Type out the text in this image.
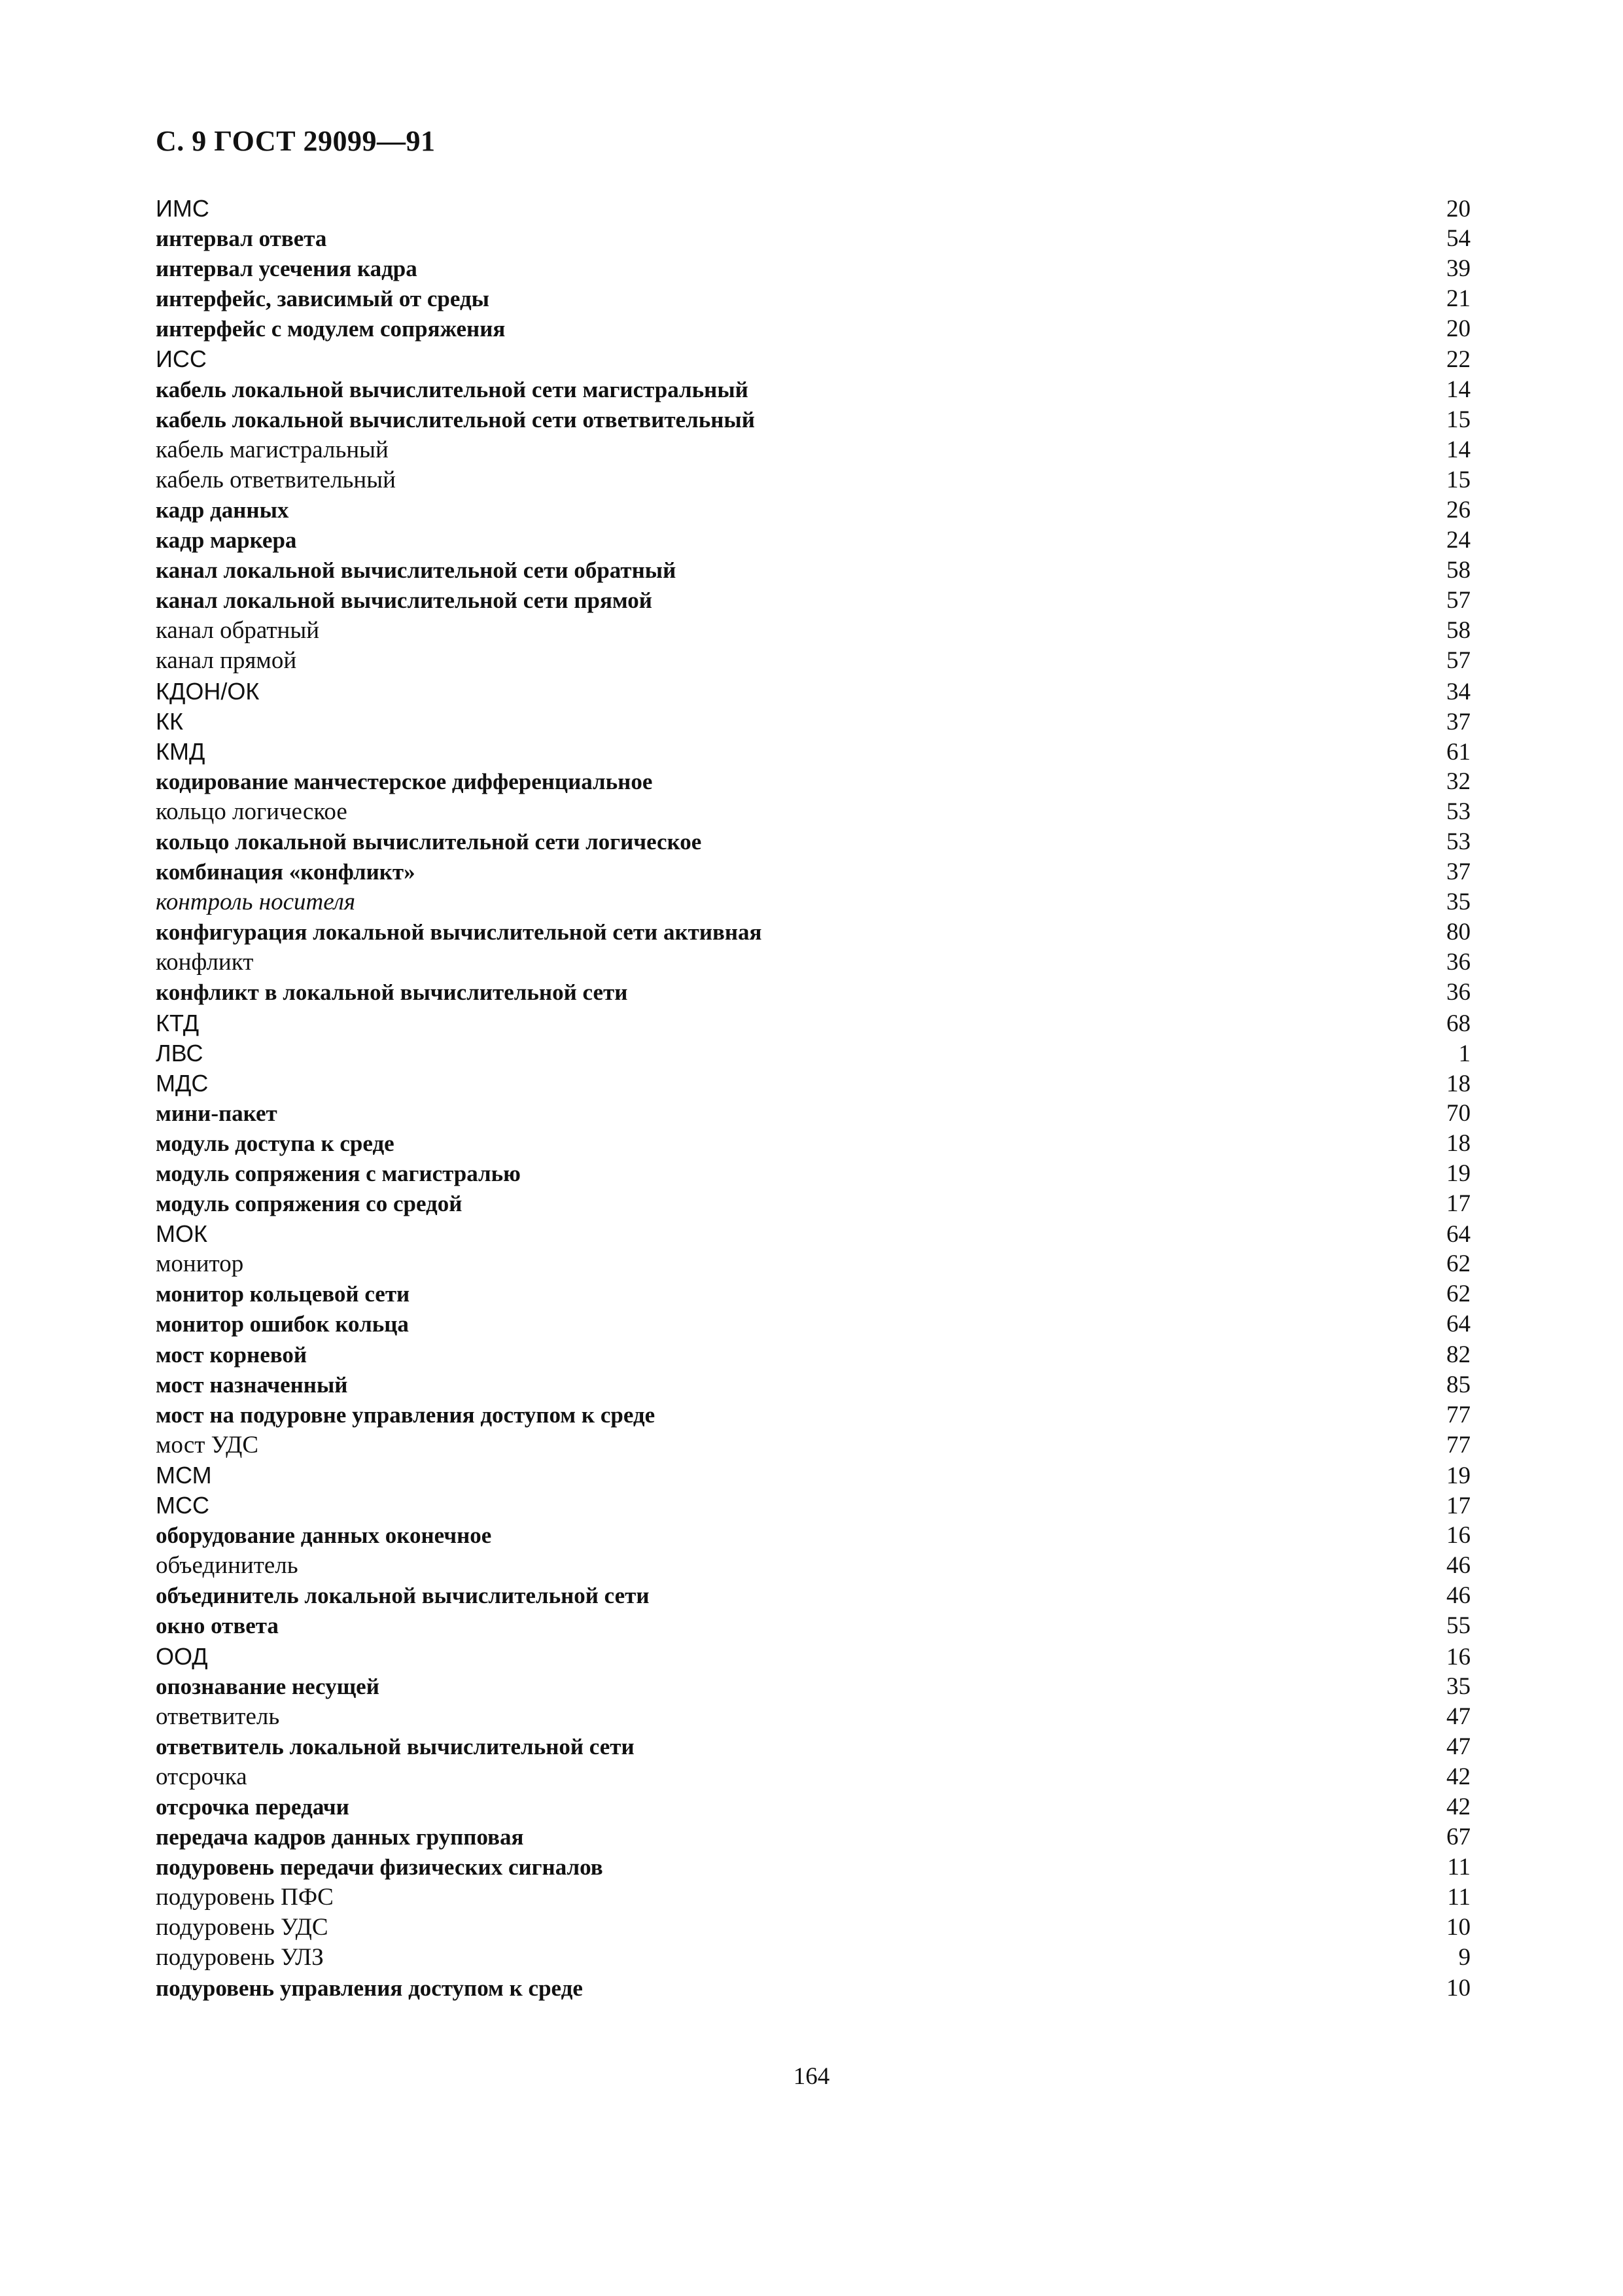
С. 9 ГОСТ 29099—91
ИМС	20
интервал ответа	54
интервал усечения кадра	39
интерфейс, зависимый от среды	21
интерфейс с модулем сопряжения	20
ИСС	22
кабель локальной вычислительной сети магистральный	14
кабель локальной вычислительной сети ответвительный	15
кабель магистральный	14
кабель ответвительный	15
кадр данных	26
кадр маркера	24
канал локальной вычислительной сети обратный	58
канал локальной вычислительной сети прямой	57
канал обратный	58
канал прямой	57
КДОН/ОК	34
КК	37
КМД	61
кодирование манчестерское дифференциальное	32
кольцо логическое	53
кольцо локальной вычислительной сети логическое	53
комбинация «конфликт»	37
контроль носителя	35
конфигурация локальной вычислительной сети активная	80
конфликт	36
конфликт в локальной вычислительной сети	36
КТД	68
ЛВС	1
МДС	18
мини-пакет	70
модуль доступа к среде	18
модуль сопряжения с магистралью	19
модуль сопряжения со средой	17
МОК	64
монитор	62
монитор кольцевой сети	62
монитор ошибок кольца	64
мост корневой	82
мост назначенный	85
мост на подуровне управления доступом к среде	77
мост УДС	77
МСМ	19
МСС	17
оборудование данных оконечное	16
объединитель	46
объединитель локальной вычислительной сети	46
окно ответа	55
ООД	16
опознавание несущей	35
ответвитель	47
ответвитель локальной вычислительной сети	47
отсрочка	42
отсрочка передачи	42
передача кадров данных групповая	67
подуровень передачи физических сигналов	11
подуровень ПФС	11
подуровень УДС	10
подуровень УЛЗ	9
подуровень управления доступом к среде	10

164
